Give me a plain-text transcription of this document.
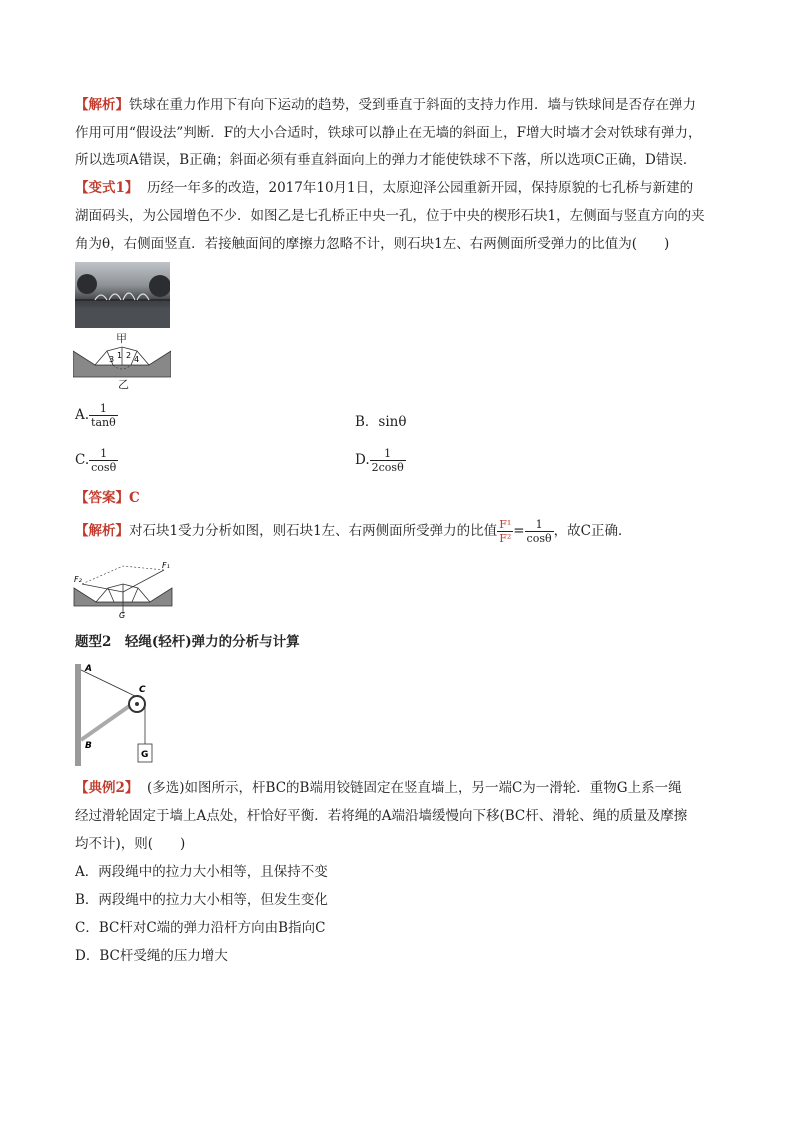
【解析】铁球在重力作用下有向下运动的趋势，受到垂直于斜面的支持力作用．墙与铁球间是否存在弹力
作用可用“假设法”判断．F的大小合适时，铁球可以静止在无墙的斜面上，F增大时墙才会对铁球有弹力，
所以选项A错误，B正确；斜面必须有垂直斜面向上的弹力才能使铁球不下落，所以选项C正确，D错误．
【变式1】 历经一年多的改造，2017年10月1日，太原迎泽公园重新开园，保持原貌的七孔桥与新建的
湖面码头，为公园增色不少．如图乙是七孔桥正中央一孔，位于中央的楔形石块1，左侧面与竖直方向的夹
角为θ，右侧面竖直．若接触面间的摩擦力忽略不计，则石块1左、右两侧面所受弹力的比值为(　　)
甲
3 1 2 4
乙
A. $\frac{1}{\tan\theta}$	B．sinθ
C. $\frac{1}{\cos\theta}$	D. $\frac{1}{2\cos\theta}$
【答案】C
【解析】对石块1受力分析如图，则石块1左、右两侧面所受弹力的比值 $\frac{\text{F¹}}{\text{F²}} = \frac{1}{\cos\theta}$ ，故C正确．
F₂
F₁
G
题型2　轻绳(轻杆)弹力的分析与计算
G
A
B
C
【典例2】 (多选)如图所示，杆BC的B端用铰链固定在竖直墙上，另一端C为一滑轮．重物G上系一绳
经过滑轮固定于墙上A点处，杆恰好平衡．若将绳的A端沿墙缓慢向下移(BC杆、滑轮、绳的质量及摩擦
均不计)，则(　　)
A．两段绳中的拉力大小相等，且保持不变
B．两段绳中的拉力大小相等，但发生变化
C．BC杆对C端的弹力沿杆方向由B指向C
D．BC杆受绳的压力增大
